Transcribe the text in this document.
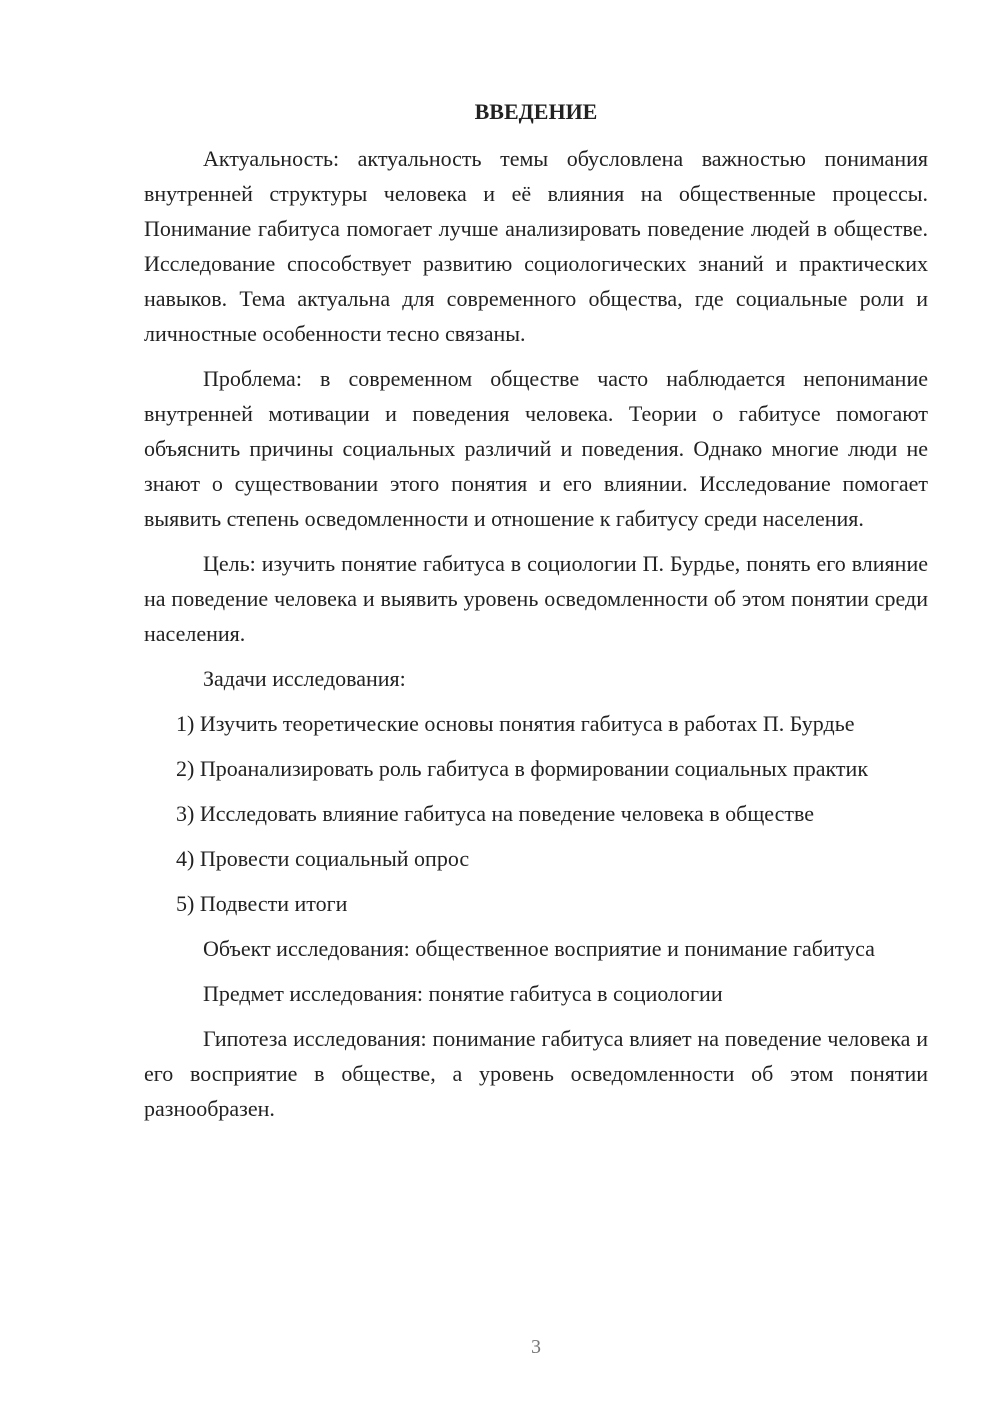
ВВЕДЕНИЕ

Актуальность: актуальность темы обусловлена важностью понимания внутренней структуры человека и её влияния на общественные процессы. Понимание габитуса помогает лучше анализировать поведение людей в обществе. Исследование способствует развитию социологических знаний и практических навыков. Тема актуальна для современного общества, где социальные роли и личностные особенности тесно связаны.

Проблема: в современном обществе часто наблюдается непонимание внутренней мотивации и поведения человека. Теории о габитусе помогают объяснить причины социальных различий и поведения. Однако многие люди не знают о существовании этого понятия и его влиянии. Исследование помогает выявить степень осведомленности и отношение к габитусу среди населения.

Цель: изучить понятие габитуса в социологии П. Бурдье, понять его влияние на поведение человека и выявить уровень осведомленности об этом понятии среди населения.

Задачи исследования:

1) Изучить теоретические основы понятия габитуса в работах П. Бурдье

2) Проанализировать роль габитуса в формировании социальных практик

3) Исследовать влияние габитуса на поведение человека в обществе

4) Провести социальный опрос

5) Подвести итоги

Объект исследования: общественное восприятие и понимание габитуса

Предмет исследования: понятие габитуса в социологии

Гипотеза исследования: понимание габитуса влияет на поведение человека и его восприятие в обществе, а уровень осведомленности об этом понятии разнообразен.

3
